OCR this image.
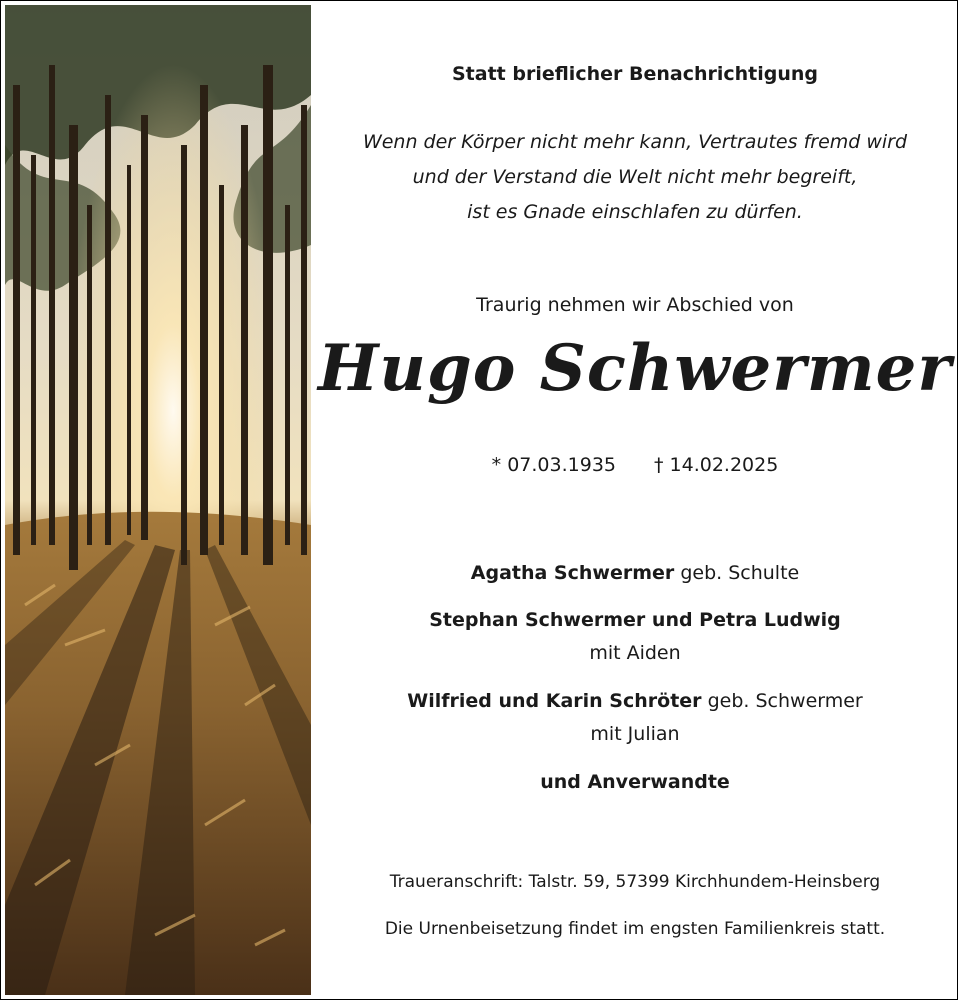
Statt brieflicher Benachrichtigung
Wenn der Körper nicht mehr kann, Vertrautes fremd wird
und der Verstand die Welt nicht mehr begreift,
ist es Gnade einschlafen zu dürfen.
Traurig nehmen wir Abschied von
Hugo Schwermer
* 07.03.1935 † 14.02.2025
Agatha Schwermer geb. Schulte
Stephan Schwermer und Petra Ludwig
mit Aiden
Wilfried und Karin Schröter geb. Schwermer
mit Julian
und Anverwandte
Traueranschrift: Talstr. 59, 57399 Kirchhundem-Heinsberg
Die Urnenbeisetzung findet im engsten Familienkreis statt.
